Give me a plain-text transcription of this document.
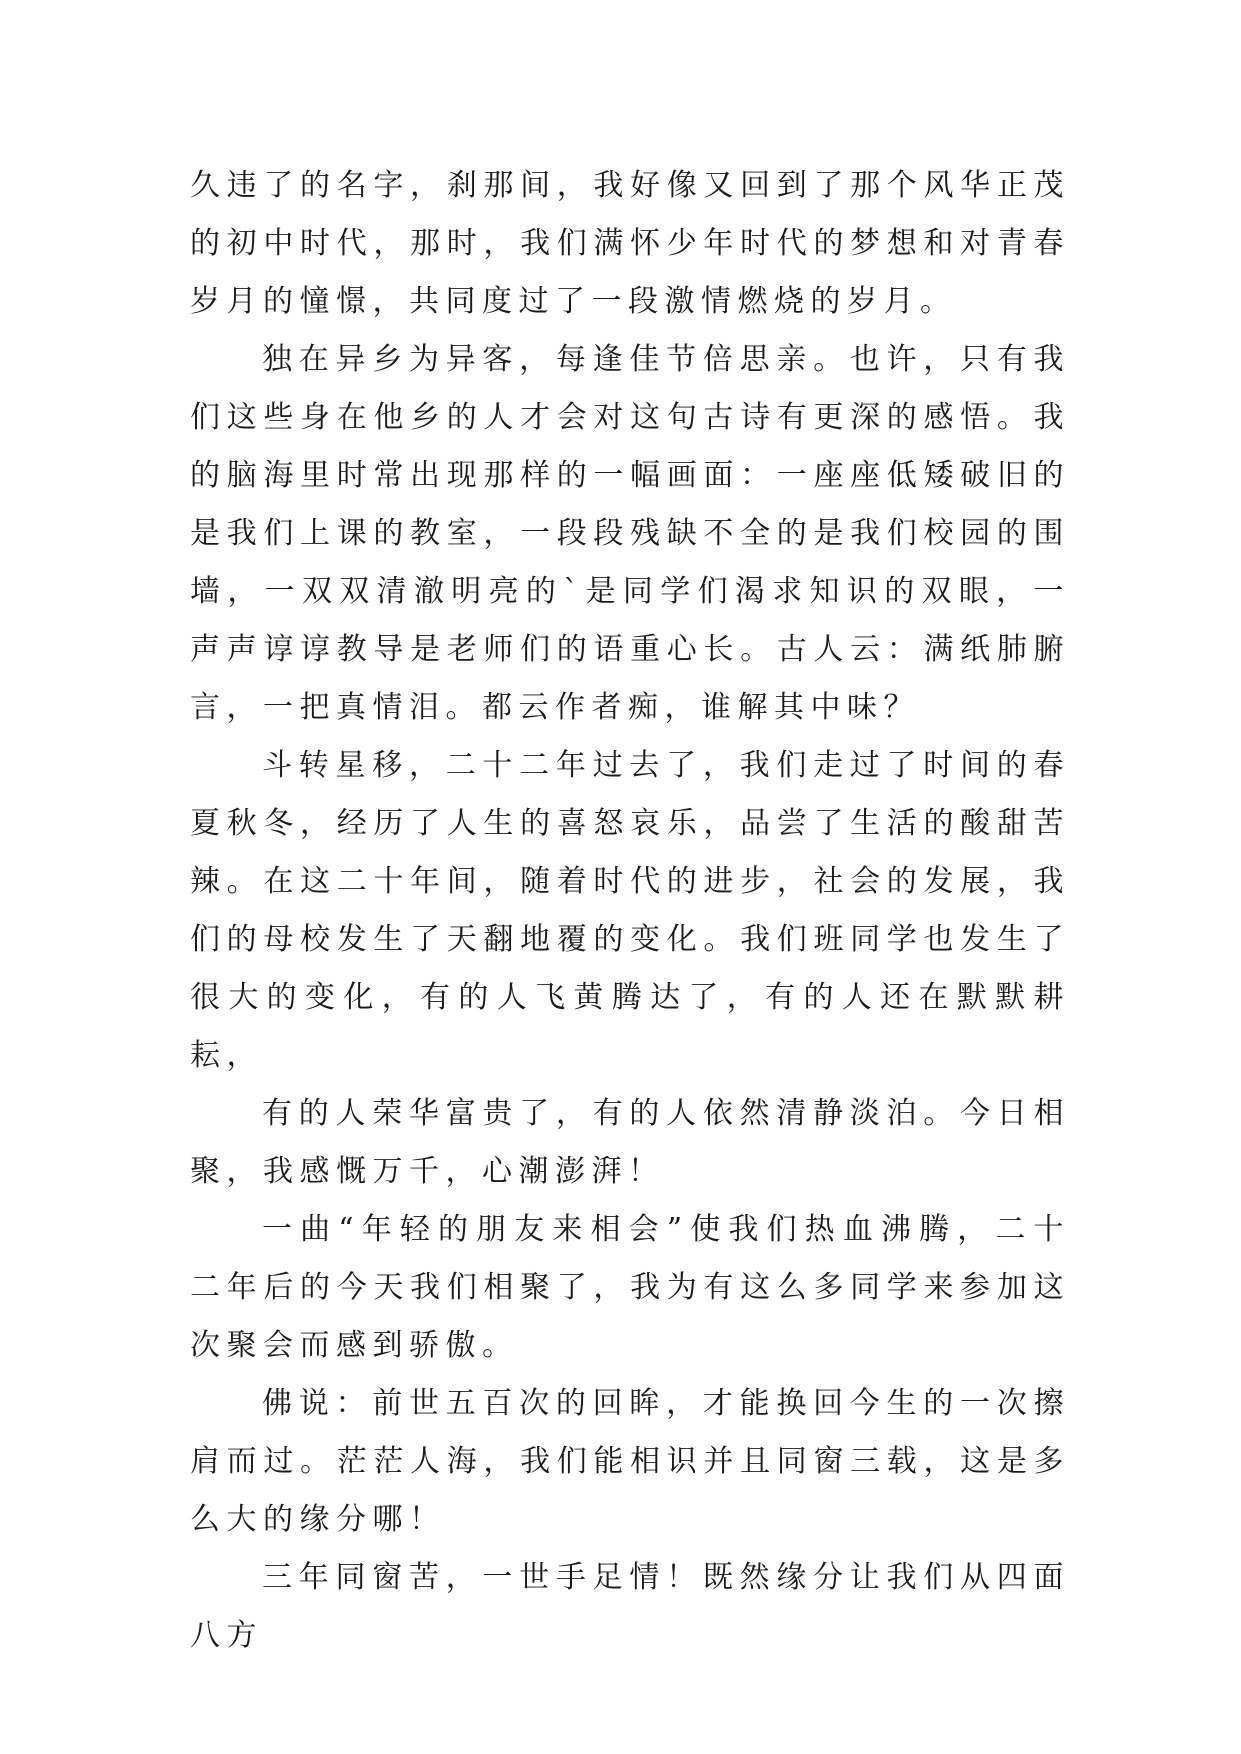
久违了的名字，刹那间，我好像又回到了那个风华正茂的初中时代，那时，我们满怀少年时代的梦想和对青春岁月的憧憬，共同度过了一段激情燃烧的岁月。

独在异乡为异客，每逢佳节倍思亲。也许，只有我们这些身在他乡的人才会对这句古诗有更深的感悟。我的脑海里时常出现那样的一幅画面：一座座低矮破旧的是我们上课的教室，一段段残缺不全的是我们校园的围墙，一双双清澈明亮的`是同学们渴求知识的双眼，一声声谆谆教导是老师们的语重心长。古人云：满纸肺腑言，一把真情泪。都云作者痴，谁解其中味？

斗转星移，二十二年过去了，我们走过了时间的春夏秋冬，经历了人生的喜怒哀乐，品尝了生活的酸甜苦辣。在这二十年间，随着时代的进步，社会的发展，我们的母校发生了天翻地覆的变化。我们班同学也发生了很大的变化，有的人飞黄腾达了，有的人还在默默耕耘，

有的人荣华富贵了，有的人依然清静淡泊。今日相聚，我感慨万千，心潮澎湃！

一曲“年轻的朋友来相会”使我们热血沸腾，二十二年后的今天我们相聚了，我为有这么多同学来参加这次聚会而感到骄傲。

佛说：前世五百次的回眸，才能换回今生的一次擦肩而过。茫茫人海，我们能相识并且同窗三载，这是多么大的缘分哪！

三年同窗苦，一世手足情！既然缘分让我们从四面八方
